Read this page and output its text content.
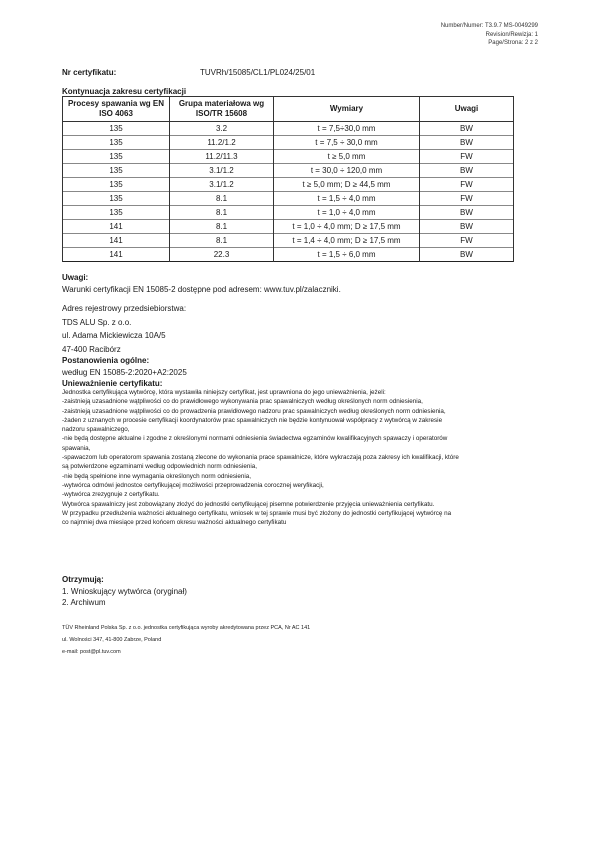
Number/Numer: T3.9.7 MS-0049299
Revision/Rewizja: 1
Page/Strona: 2 z 2
Nr certyfikatu:	TUVRh/15085/CL1/PL024/25/01
Kontynuacja zakresu certyfikacji
Procesy spawania wg EN ISO 4063	Grupa materiałowa wg ISO/TR 15608	Wymiary	Uwagi
135	3.2	t = 7,5÷30,0 mm	BW
135	11.2/1.2	t = 7,5 ÷ 30,0 mm	BW
135	11.2/11.3	t ≥ 5,0 mm	FW
135	3.1/1.2	t = 30,0 ÷ 120,0 mm	BW
135	3.1/1.2	t ≥ 5,0 mm; D ≥ 44,5 mm	FW
135	8.1	t = 1,5 ÷ 4,0 mm	FW
135	8.1	t = 1,0 ÷ 4,0 mm	BW
141	8.1	t = 1,0 ÷ 4,0 mm; D ≥ 17,5 mm	BW
141	8.1	t = 1,4 ÷ 4,0 mm; D ≥ 17,5 mm	FW
141	22.3	t = 1,5 ÷ 6,0 mm	BW
Uwagi:
Warunki certyfikacji EN 15085-2 dostępne pod adresem: www.tuv.pl/zalaczniki.
Adres rejestrowy przedsiebiorstwa:
TDS ALU Sp. z o.o.
ul. Adama Mickiewicza 10A/5
47-400 Racibórz
Postanowienia ogólne:
według EN 15085-2:2020+A2:2025
Unieważnienie certyfikatu:
Jednostka certyfikująca wytwórcę, która wystawiła niniejszy certyfikat, jest uprawniona do jego unieważnienia, jeżeli:
-zaistnieją uzasadnione wątpliwości co do prawidłowego wykonywania prac spawalniczych według określonych norm odniesienia,
-zaistnieją uzasadnione wątpliwości co do prowadzenia prawidłowego nadzoru prac spawalniczych według określonych norm odniesienia,
-żaden z uznanych w procesie certyfikacji koordynatorów prac spawalniczych nie będzie kontynuował współpracy z wytwórcą w zakresie
nadzoru spawalniczego,
-nie będą dostępne aktualne i zgodne z określonymi normami odniesienia świadectwa egzaminów kwalifikacyjnych spawaczy i operatorów
spawania,
-spawaczom lub operatorom spawania zostaną zlecone do wykonania prace spawalnicze, które wykraczają poza zakresy ich kwalifikacji, które
są potwierdzone egzaminami według odpowiednich norm odniesienia,
-nie będą spełnione inne wymagania określonych norm odniesienia,
-wytwórca odmówi jednostce certyfikującej możliwości przeprowadzenia corocznej weryfikacji,
-wytwórca zrezygnuje z certyfikatu.
Wytwórca spawalniczy jest zobowiązany złożyć do jednostki certyfikującej pisemne potwierdzenie przyjęcia unieważnienia certyfikatu.
W przypadku przedłużenia ważności aktualnego certyfikatu, wniosek w tej sprawie musi być złożony do jednostki certyfikującej wytwórcę na
co najmniej dwa miesiące przed końcem okresu ważności aktualnego certyfikatu
Otrzymują:
1. Wnioskujący wytwórca (oryginał)
2. Archiwum
TÜV Rheinland Polska Sp. z o.o. jednostka certyfikująca wyroby akredytowana przez PCA, Nr AC 141
ul. Wolności 347, 41-800 Zabrze, Poland
e-mail: post@pl.tuv.com
